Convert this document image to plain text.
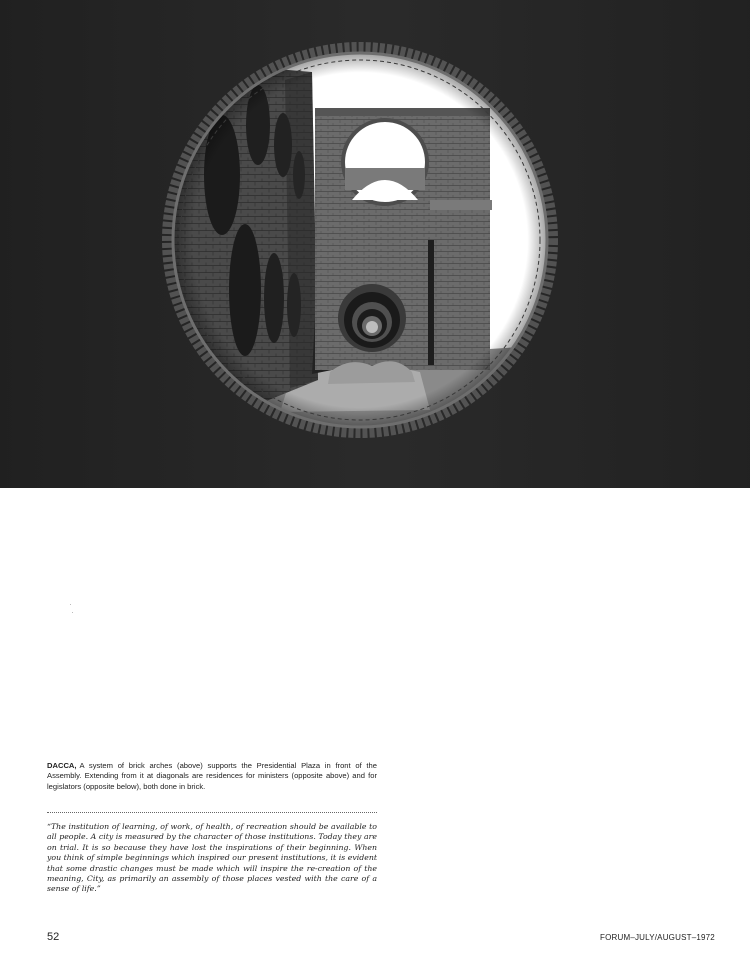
DACCA, A system of brick arches (above) supports the Presidential Plaza in front of the Assembly. Extending from it at diagonals are residences for ministers (opposite above) and for legislators (opposite below), both done in brick.
“The institution of learning, of work, of health, of recreation should be available to all people. A city is measured by the character of those institutions. Today they are on trial. It is so because they have lost the inspirations of their beginning. When you think of simple beginnings which inspired our present institutions, it is evident that some drastic changes must be made which will inspire the re-creation of the meaning, City, as primarily an assembly of those places vested with the care of a sense of life.”
52	FORUM–JULY/AUGUST–1972
